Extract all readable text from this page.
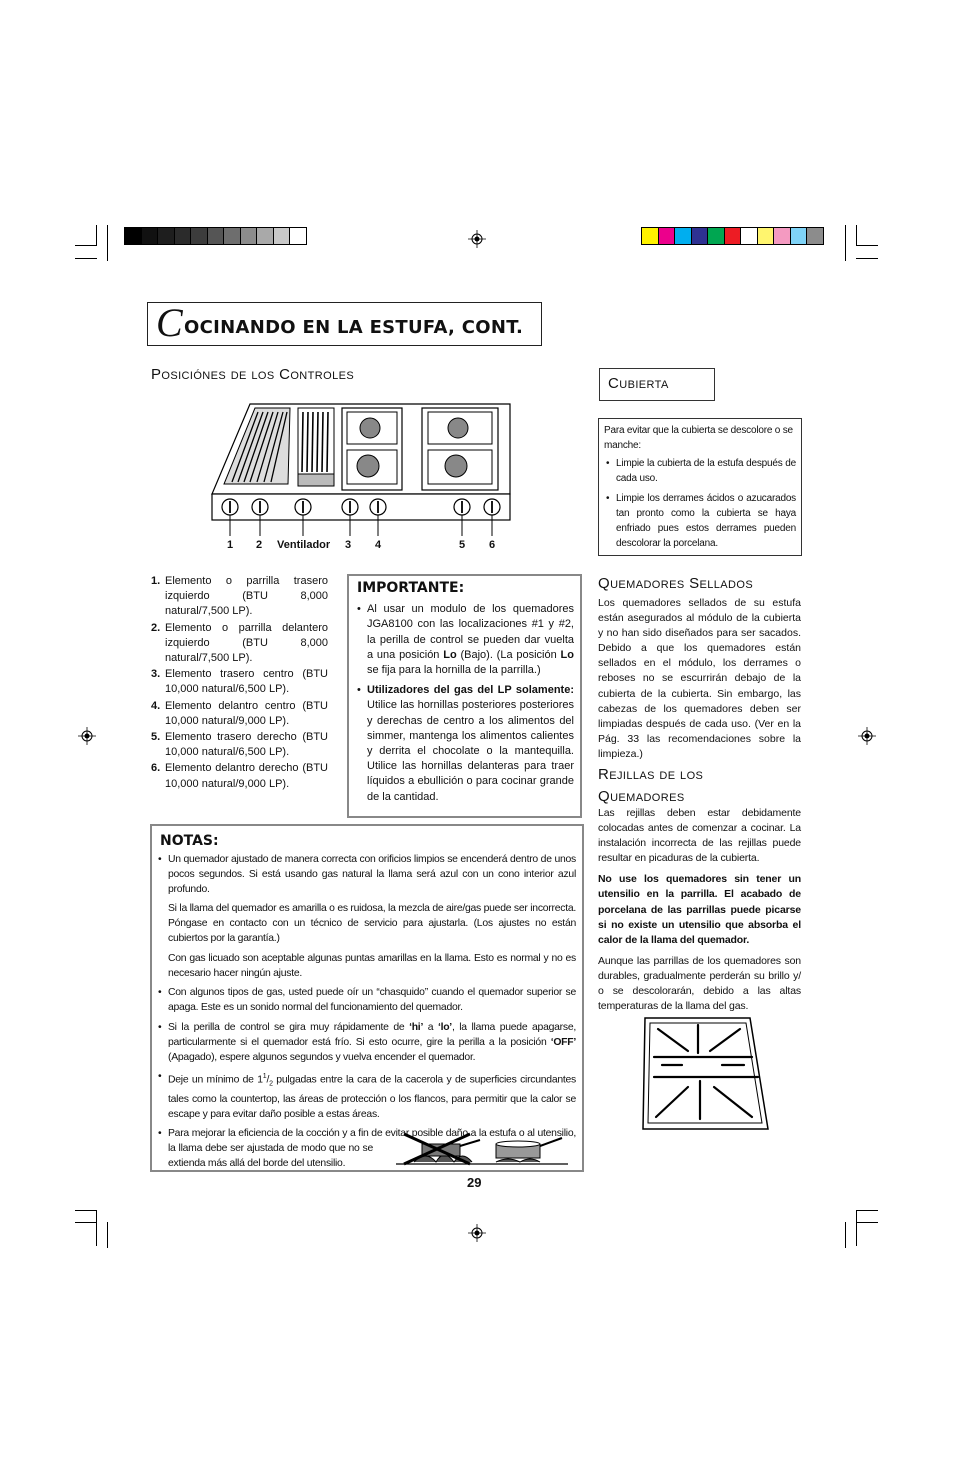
C OCINANDO EN LA ESTUFA, CONT.
Posiciónes de los Controles
1 2 Ventilador 3 4	5 6
1. Elemento o parrilla trasero izquierdo (BTU 8,000 natural/7,500 LP).
2. Elemento o parrilla delantero izquierdo (BTU 8,000 natural/7,500 LP).
3. Elemento trasero centro (BTU 10,000 natural/6,500 LP).
4. Elemento delantro centro (BTU 10,000 natural/9,000 LP).
5. Elemento trasero derecho (BTU 10,000 natural/6,500 LP).
6. Elemento delantro derecho (BTU 10,000 natural/9,000 LP).
IMPORTANTE:
• Al usar un modulo de los quemadores JGA8100 con las localizaciones #1 y #2, la perilla de control se pueden dar vuelta a una posición Lo (Bajo). (La posición Lo se fija para la hornilla de la parrilla.)
• Utilizadores del gas del LP solamente: Utilice las hornillas posteriores posteriores y derechas de centro a los alimentos del simmer, mantenga los alimentos calientes y derrita el chocolate o la mantequilla. Utilice las hornillas delanteras para traer líquidos a ebullición o para cocinar grande de la cantidad.
NOTAS:
• Un quemador ajustado de manera correcta con orificios limpios se encenderá dentro de unos pocos segundos. Si está usando gas natural la llama será azul con un cono interior azul profundo.
Si la llama del quemador es amarilla o es ruidosa, la mezcla de aire/gas puede ser incorrecta. Póngase en contacto con un técnico de servicio para ajustarla. (Los ajustes no están cubiertos por la garantía.)
Con gas licuado son aceptable algunas puntas amarillas en la llama. Esto es normal y no es necesario hacer ningún ajuste.
• Con algunos tipos de gas, usted puede oír un “chasquido” cuando el quemador superior se apaga. Este es un sonido normal del funcionamiento del quemador.
• Si la perilla de control se gira muy rápidamente de ‘hi’ a ‘lo’, la llama puede apagarse, particularmente si el quemador está frío. Si esto ocurre, gire la perilla a la posición ‘OFF’ (Apagado), espere algunos segundos y vuelva encender el quemador.
• Deje un mínimo de $1^1/_2$ pulgadas entre la cara de la cacerola y de superficies circundantes tales como la countertop, las áreas de protección o los flancos, para permitir que la calor se escape y para evitar daño posible a estas áreas.
• Para mejorar la eficiencia de la cocción y a fin de evitar posible daño a la estufa o al utensilio, la llama debe ser ajustada de modo que no se extienda más allá del borde del utensilio.
29
Cubierta
Para evitar que la cubierta se descolore o se manche:
• Limpie la cubierta de la estufa después de cada uso.
• Limpie los derrames ácidos o azucarados tan pronto como la cubierta se haya enfriado pues estos derrames pueden descolorar la porcelana.
Quemadores Sellados

Los quemadores sellados de su estufa están asegurados al módulo de la cubierta y no han sido diseñados para ser sacados. Debido a que los quemadores están sellados en el módulo, los derrames o reboses no se escurrirán debajo de la cubierta de la cubierta. Sin embargo, las cabezas de los quemadores deben ser limpiadas después de cada uso. (Ver en la Pág. 33 las recomendaciones sobre la limpieza.)

Rejillas de los
Quemadores

Las rejillas deben estar debidamente colocadas antes de comenzar a cocinar. La instalación incorrecta de las rejillas puede resultar en picaduras de la cubierta.

No use los quemadores sin tener un utensilio en la parrilla. El acabado de porcelana de las parrillas puede picarse si no existe un utensilio que absorba el calor de la llama del quemador.

Aunque las parrillas de los quemadores son durables, gradualmente perderán su brillo y/ o se descolorarán, debido a las altas temperaturas de la llama del gas.
